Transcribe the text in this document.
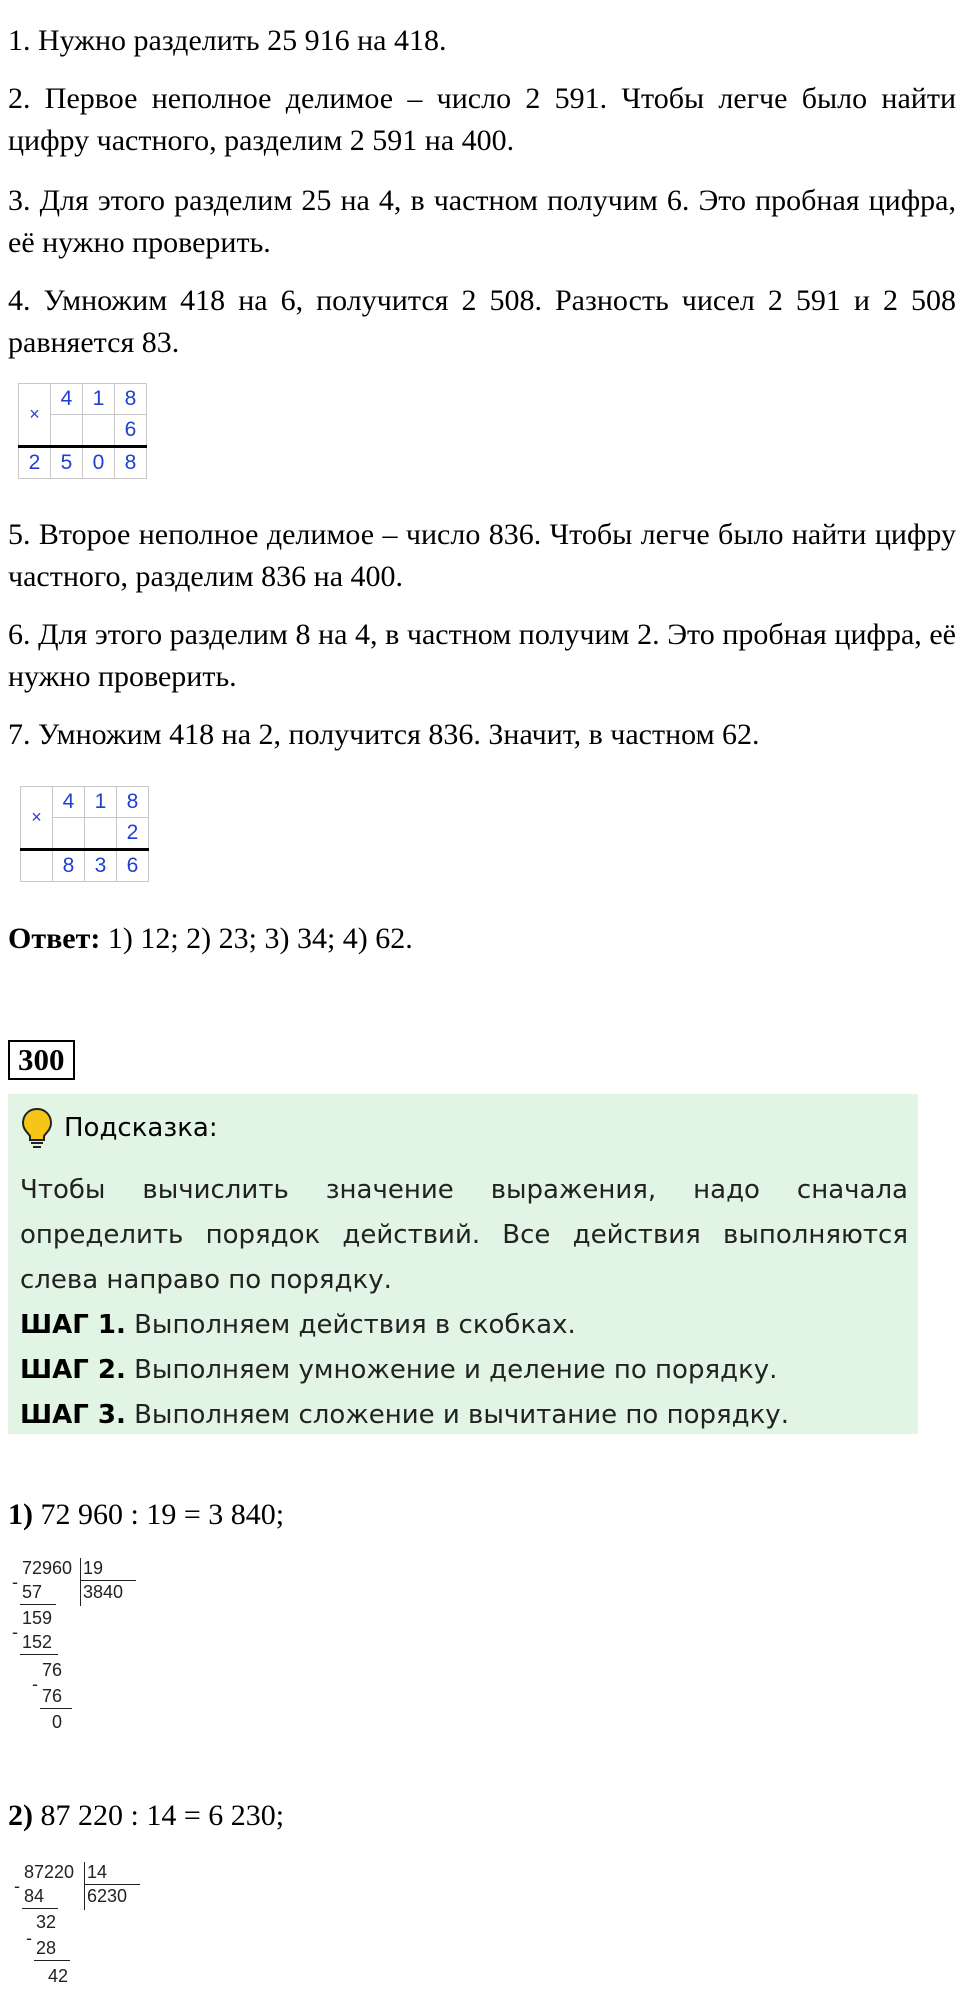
1. Нужно разделить 25 916 на 418.
2. Первое неполное делимое – число 2 591. Чтобы легче было найти цифру частного, разделим 2 591 на 400.
3. Для этого разделим 25 на 4, в частном получим 6. Это пробная цифра, её нужно проверить.
4. Умножим 418 на 6, получится 2 508. Разность чисел 2 591 и 2 508 равняется 83.
×	4	1	8
			6
2	5	0	8
5. Второе неполное делимое – число 836. Чтобы легче было найти цифру частного, разделим 836 на 400.
6. Для этого разделим 8 на 4, в частном получим 2. Это пробная цифра, её нужно проверить.
7. Умножим 418 на 2, получится 836. Значит, в частном 62.
×	4	1	8
			2
	8	3	6
Ответ: 1) 12; 2) 23; 3) 34; 4) 62.
300
Подсказка:
Чтобы вычислить значение выражения, надо сначала определить порядок действий. Все действия выполняются слева направо по порядку.
ШАГ 1. Выполняем действия в скобках.
ШАГ 2. Выполняем умножение и деление по порядку.
ШАГ 3. Выполняем сложение и вычитание по порядку.
1) 72 960 : 19 = 3 840;
72960 19
3840
- 57
159
- 152
76
-
76
0
2) 87 220 : 14 = 6 230;
87220 14
6230
- 84
32
- 28
42
